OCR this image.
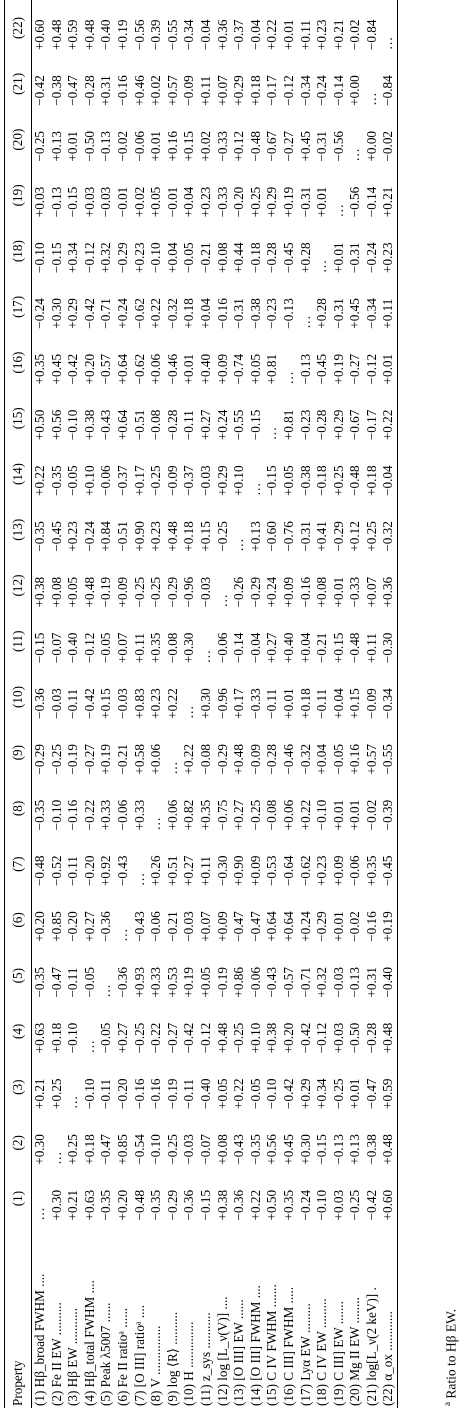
Property	(1)	(2)	(3)	(4)	(5)	(6)	(7)	(8)	(9)	(10)	(11)	(12)	(13)	(14)	(15)	(16)	(17)	(18)	(19)	(20)	(21)	(22)
(1) Hβ_broad FWHM ....	…	+0.30	+0.21	+0.63	−0.35	+0.20	−0.48	−0.35	−0.29	−0.36	−0.15	+0.38	−0.35	+0.22	+0.50	+0.35	−0.24	−0.10	+0.03	−0.25	−0.42	+0.60
(2) Fe II EW ..........	+0.30	…	+0.25	+0.18	−0.47	+0.85	−0.52	−0.10	−0.25	−0.03	−0.07	+0.08	−0.45	−0.35	+0.56	+0.45	+0.30	−0.15	−0.13	+0.13	−0.38	+0.48
(3) Hβ EW ...........	+0.21	+0.25	…	−0.10	−0.11	−0.20	−0.11	−0.16	−0.19	−0.11	−0.40	+0.05	+0.23	−0.05	−0.10	−0.42	+0.29	+0.34	−0.15	+0.01	−0.47	+0.59
(4) Hβ_total FWHM ....	+0.63	+0.18	−0.10	…	−0.05	+0.27	−0.20	−0.22	−0.27	−0.42	−0.12	+0.48	−0.24	+0.10	+0.38	+0.20	−0.42	−0.12	+0.03	−0.50	−0.28	+0.48
(5) Peak λ5007 ......	−0.35	−0.47	−0.11	−0.05	…	−0.36	+0.92	+0.33	+0.19	+0.15	−0.05	−0.19	+0.84	−0.06	−0.43	−0.57	−0.71	+0.32	−0.03	−0.13	+0.31	−0.40
(6) Fe II ratioᵃ ......	+0.20	+0.85	−0.20	+0.27	−0.36	…	−0.43	−0.06	−0.21	−0.03	+0.07	+0.09	−0.51	−0.37	+0.64	+0.64	+0.24	−0.29	−0.01	−0.02	−0.16	+0.19
(7) [O III] ratioᵃ ....	−0.48	−0.54	−0.16	−0.25	+0.93	−0.43	…	+0.33	+0.58	+0.83	+0.11	−0.25	+0.90	+0.17	−0.51	−0.62	−0.62	+0.23	+0.02	−0.06	+0.46	−0.56
(8) V ...............	−0.35	−0.10	−0.16	−0.22	+0.33	−0.06	+0.26	…	+0.06	+0.23	+0.35	−0.25	+0.23	−0.25	−0.08	+0.06	+0.22	−0.10	+0.05	+0.01	+0.02	−0.39
(9) log ⟨R⟩ ..........	−0.29	−0.25	−0.19	−0.27	+0.53	−0.21	+0.51	+0.06	…	+0.22	−0.08	−0.29	+0.48	−0.09	−0.28	−0.46	−0.32	+0.04	−0.01	+0.16	+0.57	−0.55
(10) H ..............	−0.36	−0.03	−0.11	−0.42	+0.19	−0.03	+0.27	+0.82	+0.22	…	+0.30	−0.96	+0.18	−0.37	−0.11	+0.01	+0.18	−0.05	+0.04	+0.15	−0.09	−0.34
(11) z_sys ...........	−0.15	−0.07	−0.40	−0.12	+0.05	+0.07	+0.11	+0.35	−0.08	+0.30	…	−0.03	+0.15	−0.03	+0.27	+0.40	+0.04	−0.21	+0.23	+0.02	+0.11	−0.04
(12) log [L_ν(V)] ....	+0.38	+0.08	+0.05	+0.48	−0.19	+0.09	−0.30	−0.75	−0.29	−0.96	−0.06	…	−0.25	+0.29	+0.24	+0.09	−0.16	+0.08	−0.33	−0.33	+0.07	+0.36
(13) [O III] EW ......	−0.36	−0.43	+0.22	−0.25	+0.86	−0.47	+0.90	+0.27	+0.48	+0.17	−0.14	−0.26	…	+0.10	−0.55	−0.74	−0.31	+0.44	−0.20	+0.12	+0.29	−0.37
(14) [O III] FWHM ....	+0.22	−0.35	−0.05	+0.10	−0.06	−0.47	+0.09	−0.25	−0.09	−0.33	−0.04	−0.29	+0.13	…	−0.15	+0.05	−0.38	−0.18	+0.25	−0.48	+0.18	−0.04
(15) C IV FWHM .......	+0.50	+0.56	−0.10	+0.38	−0.43	+0.64	−0.53	−0.08	−0.28	−0.11	+0.27	+0.24	−0.60	−0.15	…	+0.81	−0.23	−0.28	+0.29	−0.67	−0.17	+0.22
(16) C III] FWHM .....	+0.35	+0.45	−0.42	+0.20	−0.57	+0.64	−0.64	+0.06	−0.46	+0.01	+0.40	+0.09	−0.76	+0.05	+0.81	…	−0.13	−0.45	+0.19	−0.27	−0.12	+0.01
(17) Lyα EW .........	−0.24	+0.30	+0.29	−0.42	−0.71	+0.24	−0.62	+0.22	−0.32	+0.18	+0.04	−0.16	−0.31	−0.38	−0.23	−0.13	…	+0.28	−0.31	+0.45	−0.34	+0.11
(18) C IV EW .........	−0.10	−0.15	+0.34	−0.12	+0.32	−0.29	+0.23	−0.10	+0.04	−0.11	−0.21	+0.08	+0.41	−0.18	−0.28	−0.45	+0.28	…	+0.01	−0.31	−0.24	+0.23
(19) C III] EW .......	+0.03	−0.13	−0.25	+0.03	−0.03	+0.01	+0.09	+0.01	−0.05	+0.04	+0.15	+0.01	−0.29	+0.25	+0.29	+0.19	−0.31	+0.01	…	−0.56	−0.14	+0.21
(20) Mg II EW ........	−0.25	+0.13	+0.01	−0.50	−0.13	−0.02	−0.06	+0.01	+0.16	+0.15	−0.48	−0.33	+0.12	−0.48	−0.67	−0.27	+0.45	−0.31	−0.56	…	+0.00	−0.02
(21) log[L_ν(2 keV)] .	−0.42	−0.38	−0.47	−0.28	+0.31	−0.16	+0.35	−0.02	+0.57	−0.09	+0.11	+0.07	+0.25	+0.18	−0.17	−0.12	−0.34	−0.24	−0.14	+0.00	…	−0.84
(22) α_ox ............	+0.60	+0.48	+0.59	+0.48	−0.40	+0.19	−0.45	−0.39	−0.55	−0.34	−0.30	+0.36	−0.32	−0.04	+0.22	+0.01	+0.11	+0.23	+0.21	−0.02	−0.84	…
$^a$ Ratio to Hβ EW.
